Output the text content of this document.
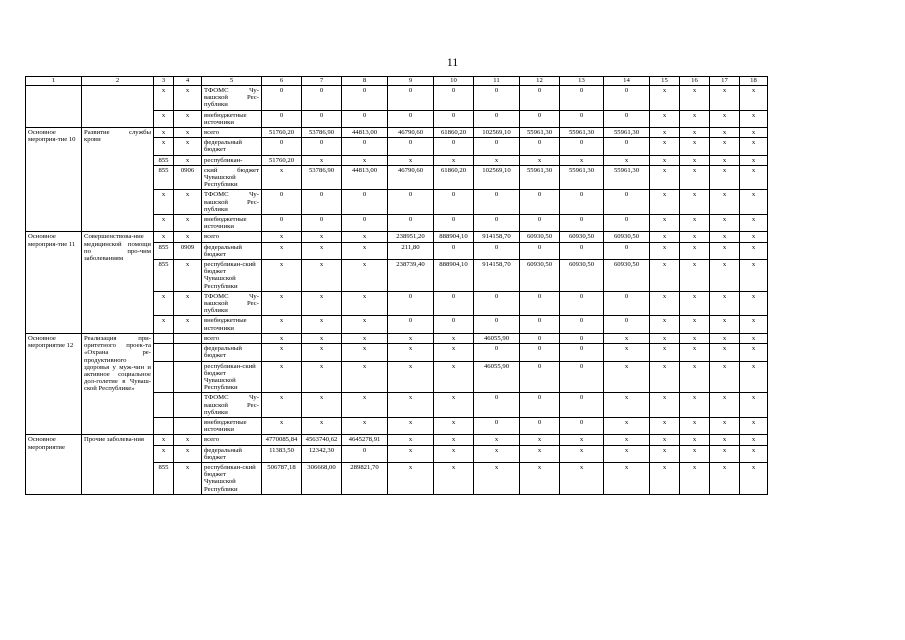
11
1	2	3	4	5	6	7	8	9	10	11	12	13	14	15	16	17	18
		x	x	ТФОМС Чу-вашской Рес-публики	0	0	0	0	0	0	0	0	0	x	x	x	x
		x	x	внебюджетные источники	0	0	0	0	0	0	0	0	0	x	x	x	x
Основное мероприя-тие 10	Развитие службы крови	x	x	всего	51760,20	53786,90	44813,00	46790,60	61860,20	102569,10	55961,30	55961,30	55961,30	x	x	x	x
		x	x	федеральный бюджет	0	0	0	0	0	0	0	0	0	x	x	x	x
		855	x	республикан-	51760,20	x	x	x	x	x	x	x	x	x	x	x	x
		855	0906	ский бюджет Чувашской Республики	x	53786,90	44813,00	46790,60	61860,20	102569,10	55961,30	55961,30	55961,30	x	x	x	x
		x	x	ТФОМС Чу-вашской Рес-публики	0	0	0	0	0	0	0	0	0	x	x	x	x
		x	x	внебюджетные источники	0	0	0	0	0	0	0	0	0	x	x	x	x
Основное мероприя-тие 11	Совершенствова-ние медицинской помощи по про-чим заболеваниям	x	x	всего	x	x	x	238951,20	888904,10	914158,70	60930,50	60930,50	60930,50	x	x	x	x
		855	0909	федеральный бюджет	x	x	x	211,80	0	0	0	0	0	x	x	x	x
		855	x	республикан-ский бюджет Чувашской Республики	x	x	x	238739,40	888904,10	914158,70	60930,50	60930,50	60930,50	x	x	x	x
		x	x	ТФОМС Чу-вашской Рес-публики	x	x	x	0	0	0	0	0	0	x	x	x	x
		x	x	внебюджетные источники	x	x	x	0	0	0	0	0	0	x	x	x	x
Основное мероприятие 12	Реализация при-оритетного проек-та «Охрана ре-продуктивного здоровья у муж-чин и активное социальное дол-голетие в Чуваш-ской Республике»			всего	x	x	x	x	x	46055,90	0	0	x	x	x	x	x
				федеральный бюджет	x	x	x	x	x	0	0	0	x	x	x	x	x
				республикан-ский бюджет Чувашской Республики	x	x	x	x	x	46055,90	0	0	x	x	x	x	x
				ТФОМС Чу-вашской Рес-публики	x	x	x	x	x	0	0	0	x	x	x	x	x
				внебюджетные источники	x	x	x	x	x	0	0	0	x	x	x	x	x
Основное мероприятие	Прочие заболева-ния	x	x	всего	4770085,84	4563740,62	4645278,91	x	x	x	x	x	x	x	x	x	x
		x	x	федеральный бюджет	11383,50	12342,30	0	x	x	x	x	x	x	x	x	x	x
		855	x	республикан-ский бюджет Чувашской Республики	506787,18	306668,00	289821,70	x	x	x	x	x	x	x	x	x	x
